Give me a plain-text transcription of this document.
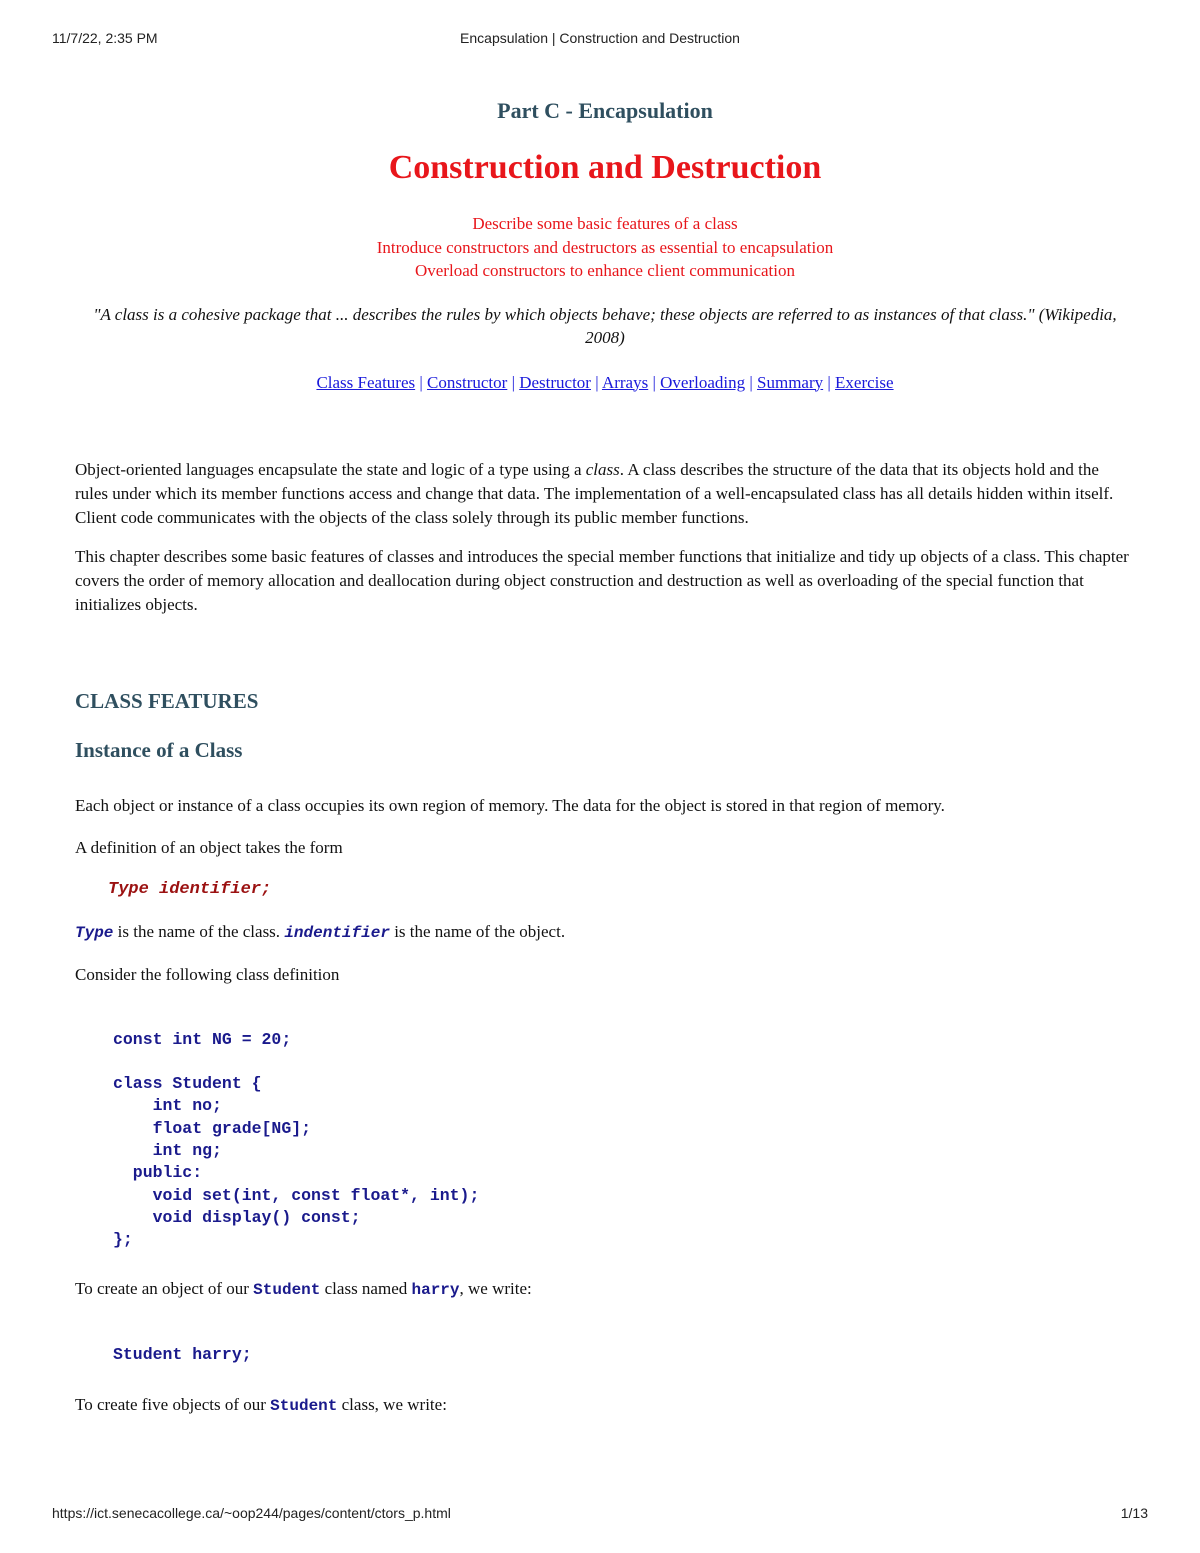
11/7/22, 2:35 PM	Encapsulation | Construction and Destruction
Part C - Encapsulation
Construction and Destruction
Describe some basic features of a class
Introduce constructors and destructors as essential to encapsulation
Overload constructors to enhance client communication
"A class is a cohesive package that ... describes the rules by which objects behave; these objects are referred to as instances of that class." (Wikipedia, 2008)
Class Features | Constructor | Destructor | Arrays | Overloading | Summary | Exercise

Object-oriented languages encapsulate the state and logic of a type using a class. A class describes the structure of the data that its objects hold and the rules under which its member functions access and change that data. The implementation of a well-encapsulated class has all details hidden within itself. Client code communicates with the objects of the class solely through its public member functions.

This chapter describes some basic features of classes and introduces the special member functions that initialize and tidy up objects of a class. This chapter covers the order of memory allocation and deallocation during object construction and destruction as well as overloading of the special function that initializes objects.

CLASS FEATURES
Instance of a Class

Each object or instance of a class occupies its own region of memory. The data for the object is stored in that region of memory.

A definition of an object takes the form

Type identifier;

Type is the name of the class. indentifier is the name of the object.

Consider the following class definition

const int NG = 20;

class Student {
int no;
float grade[NG];
int ng;
public:
void set(int, const float*, int);
void display() const;
};

To create an object of our Student class named harry, we write:

Student harry;

To create five objects of our Student class, we write:

https://ict.senecacollege.ca/~oop244/pages/content/ctors_p.html	1/13
